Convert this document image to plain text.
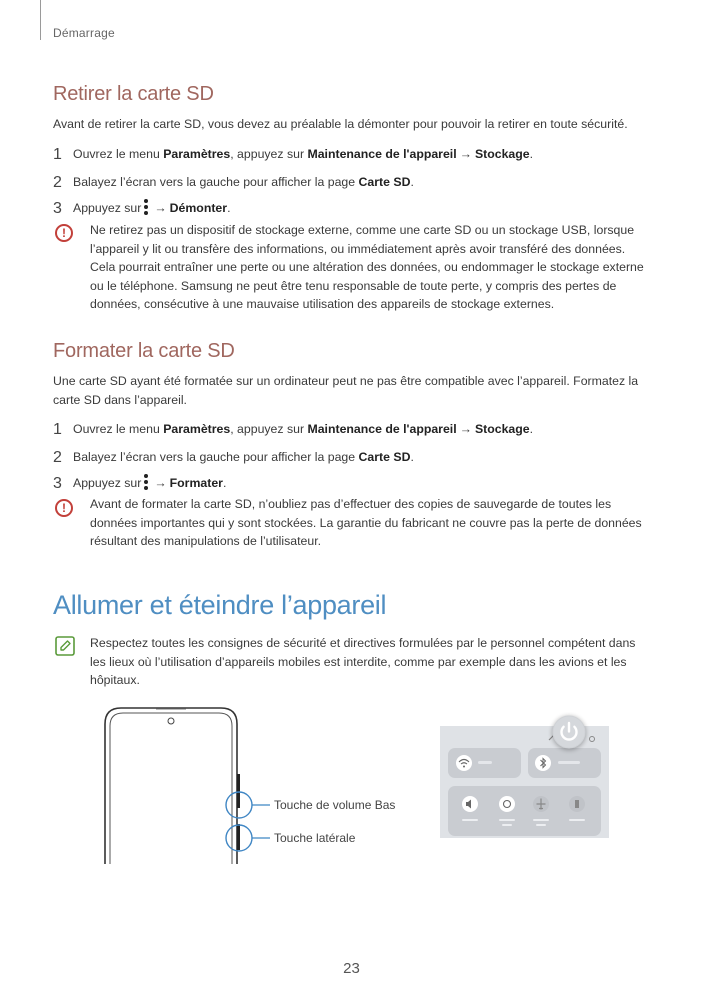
Démarrage
Retirer la carte SD
Avant de retirer la carte SD, vous devez au préalable la démonter pour pouvoir la retirer en toute sécurité.
1 Ouvrez le menu Paramètres, appuyez sur Maintenance de l'appareil → Stockage.
2 Balayez l’écran vers la gauche pour afficher la page Carte SD.
3 Appuyez sur → Démonter.
!	Ne retirez pas un dispositif de stockage externe, comme une carte SD ou un stockage USB, lorsque l’appareil y lit ou transfère des informations, ou immédiatement après avoir transféré des données. Cela pourrait entraîner une perte ou une altération des données, ou endommager le stockage externe ou le téléphone. Samsung ne peut être tenu responsable de toute perte, y compris des pertes de données, consécutive à une mauvaise utilisation des appareils de stockage externes.
Formater la carte SD
Une carte SD ayant été formatée sur un ordinateur peut ne pas être compatible avec l’appareil. Formatez la carte SD dans l’appareil.
1 Ouvrez le menu Paramètres, appuyez sur Maintenance de l'appareil → Stockage.
2 Balayez l’écran vers la gauche pour afficher la page Carte SD.
3 Appuyez sur → Formater.
!	Avant de formater la carte SD, n’oubliez pas d’effectuer des copies de sauvegarde de toutes les données importantes qui y sont stockées. La garantie du fabricant ne couvre pas la perte de données résultant des manipulations de l’utilisateur.
Allumer et éteindre l’appareil
Respectez toutes les consignes de sécurité et directives formulées par le personnel compétent dans les lieux où l’utilisation d’appareils mobiles est interdite, comme par exemple dans les avions et les hôpitaux.
Touche de volume Bas
Touche latérale
23
